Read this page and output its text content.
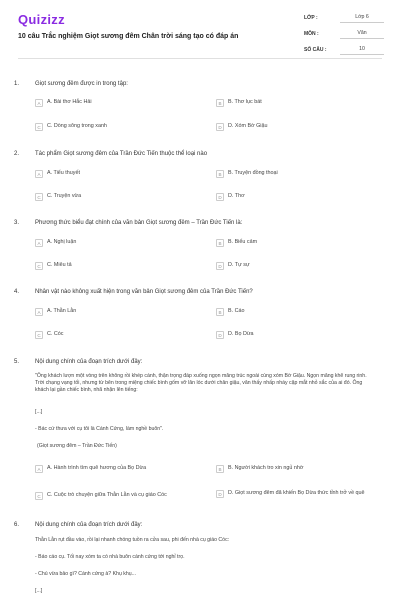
Quizizz
10 câu Trắc nghiệm Giọt sương đêm Chân trời sáng tạo có đáp án
LỚP :	Lớp 6
MÔN :	Văn
SỐ CÂU :	10
1.	Giọt sương đêm được in trong tập:
A	A. Bài thơ Hắc Hải	B	B. Thơ lục bát
C	C. Dòng sông trong xanh	D	D. Xóm Bờ Giậu
2.	Tác phẩm Giọt sương đêm của Trần Đức Tiến thuộc thể loại nào
A	A. Tiểu thuyết	B	B. Truyện đồng thoại
C	C. Truyện vừa	D	D. Thơ
3.	Phương thức biểu đạt chính của văn bản Giọt sương đêm – Trần Đức Tiến là:
A	A. Nghị luận	B	B. Biểu cảm
C	C. Miêu tả	D	D. Tự sự
4.	Nhân vật nào không xuất hiện trong văn bản Giọt sương đêm của Trần Đức Tiến?
A	A. Thằn Lằn	B	B. Cáo
C	C. Cóc	D	D. Bọ Dừa
5.	Nội dung chính của đoạn trích dưới đây:
"Ông khách lượn một vòng trên không rồi khép cánh, thận trọng đáp xuống ngọn măng trúc ngoài cùng xóm Bờ Giậu. Ngọn măng khẽ rung rinh. Trời chạng vạng tối, nhưng từ bên trong miệng chiếc bình gốm vỡ lăn lóc dưới chân giậu, văn thấy nhấp nháy cặp mắt nhỏ sắc của ai đó. Ông khách lại gần chiếc bình, nhã nhặn lên tiếng:
[...]
- Bác cứ thưa với cụ tôi là Cánh Cứng, làm nghề buôn".
(Giọt sương đêm – Trần Đức Tiến)
A	A. Hành trình tìm quê hương của Bọ Dừa	B	B. Người khách tro xin ngủ nhờ
C	C. Cuộc trò chuyện giữa Thằn Lằn và cụ giáo Cóc	D	D. Giọt sương đêm đã khiến Bọ Dừa thức tỉnh trở về quê
6.	Nội dung chính của đoạn trích dưới đây:
Thằn Lằn rụt đầu vào, rồi lại nhanh chóng tuồn ra cửa sau, phi đến nhà cụ giáo Cóc:
- Báo cáo cụ. Tối nay xóm ta có nhà buôn cánh cứng tới nghỉ trọ.
- Chú vừa bảo gì? Cánh cứng à? Khụ khụ...
[...]
